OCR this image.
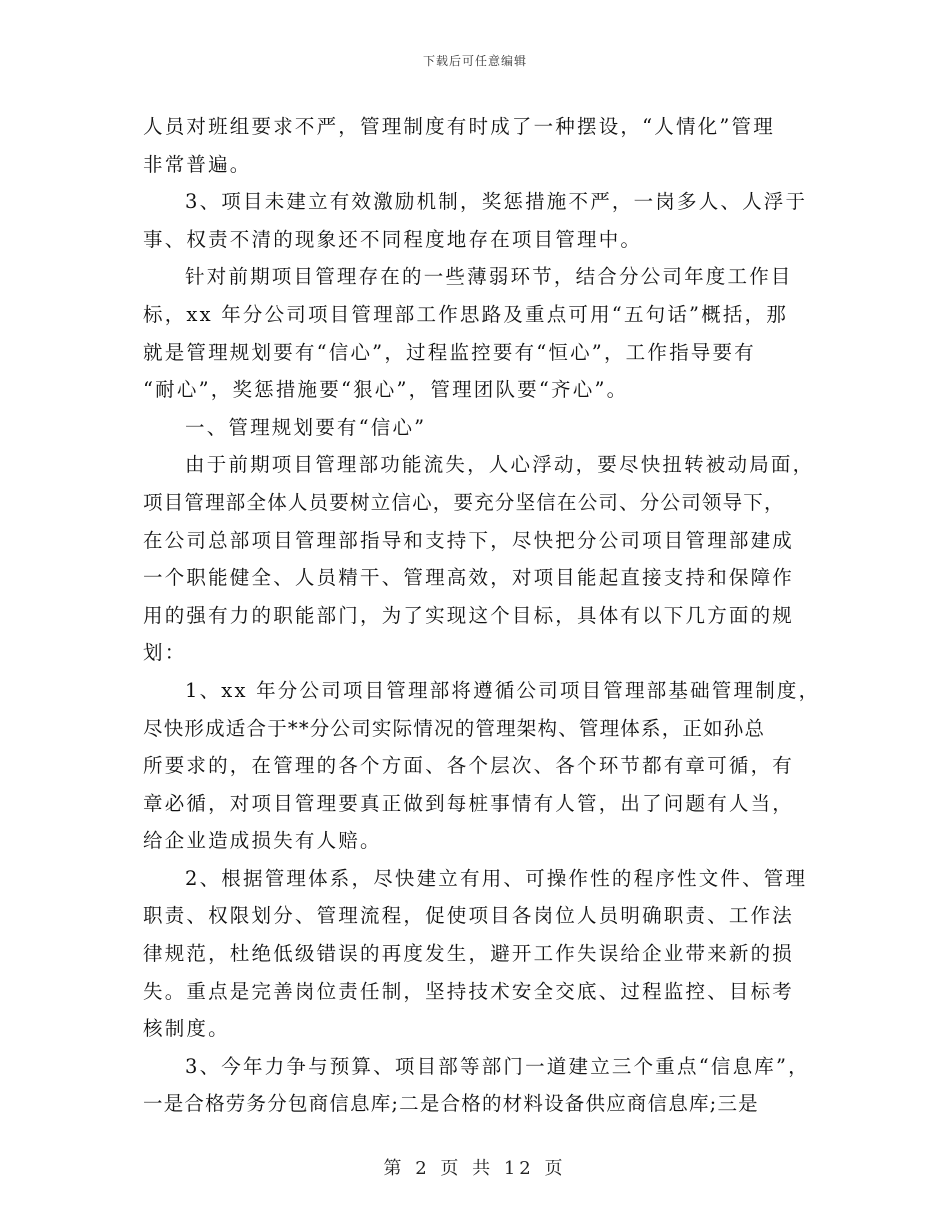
下载后可任意编辑
人员对班组要求不严，管理制度有时成了一种摆设，“人情化”管理
非常普遍。
3、项目未建立有效激励机制，奖惩措施不严，一岗多人、人浮于
事、权责不清的现象还不同程度地存在项目管理中。
针对前期项目管理存在的一些薄弱环节，结合分公司年度工作目
标，xx 年分公司项目管理部工作思路及重点可用“五句话”概括，那
就是管理规划要有“信心”，过程监控要有“恒心”，工作指导要有
“耐心”，奖惩措施要“狠心”，管理团队要“齐心”。
一、管理规划要有“信心”
由于前期项目管理部功能流失，人心浮动，要尽快扭转被动局面，
项目管理部全体人员要树立信心，要充分坚信在公司、分公司领导下，
在公司总部项目管理部指导和支持下，尽快把分公司项目管理部建成
一个职能健全、人员精干、管理高效，对项目能起直接支持和保障作
用的强有力的职能部门，为了实现这个目标，具体有以下几方面的规
划：
1、xx 年分公司项目管理部将遵循公司项目管理部基础管理制度，
尽快形成适合于**分公司实际情况的管理架构、管理体系，正如孙总
所要求的，在管理的各个方面、各个层次、各个环节都有章可循，有
章必循，对项目管理要真正做到每桩事情有人管，出了问题有人当，
给企业造成损失有人赔。
2、根据管理体系，尽快建立有用、可操作性的程序性文件、管理
职责、权限划分、管理流程，促使项目各岗位人员明确职责、工作法
律规范，杜绝低级错误的再度发生，避开工作失误给企业带来新的损
失。重点是完善岗位责任制，坚持技术安全交底、过程监控、目标考
核制度。
3、今年力争与预算、项目部等部门一道建立三个重点“信息库”，
一是合格劳务分包商信息库;二是合格的材料设备供应商信息库;三是
第 2 页 共 12 页
